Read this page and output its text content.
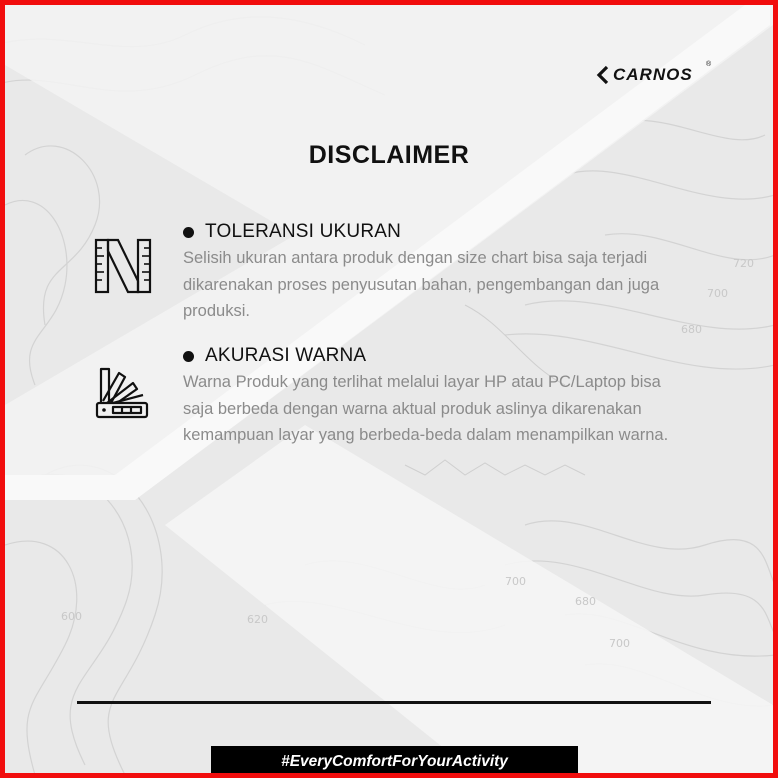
720
700
680
700
680
700
620
600
CARNOS
®
DISCLAIMER
TOLERANSI UKURAN
Selisih ukuran antara produk dengan size chart bisa saja terjadi
dikarenakan proses penyusutan bahan, pengembangan dan juga
produksi.
AKURASI WARNA
Warna Produk yang terlihat melalui layar HP atau PC/Laptop bisa
saja berbeda dengan warna aktual produk aslinya dikarenakan
kemampuan layar yang berbeda-beda dalam menampilkan warna.
#EveryComfortForYourActivity
